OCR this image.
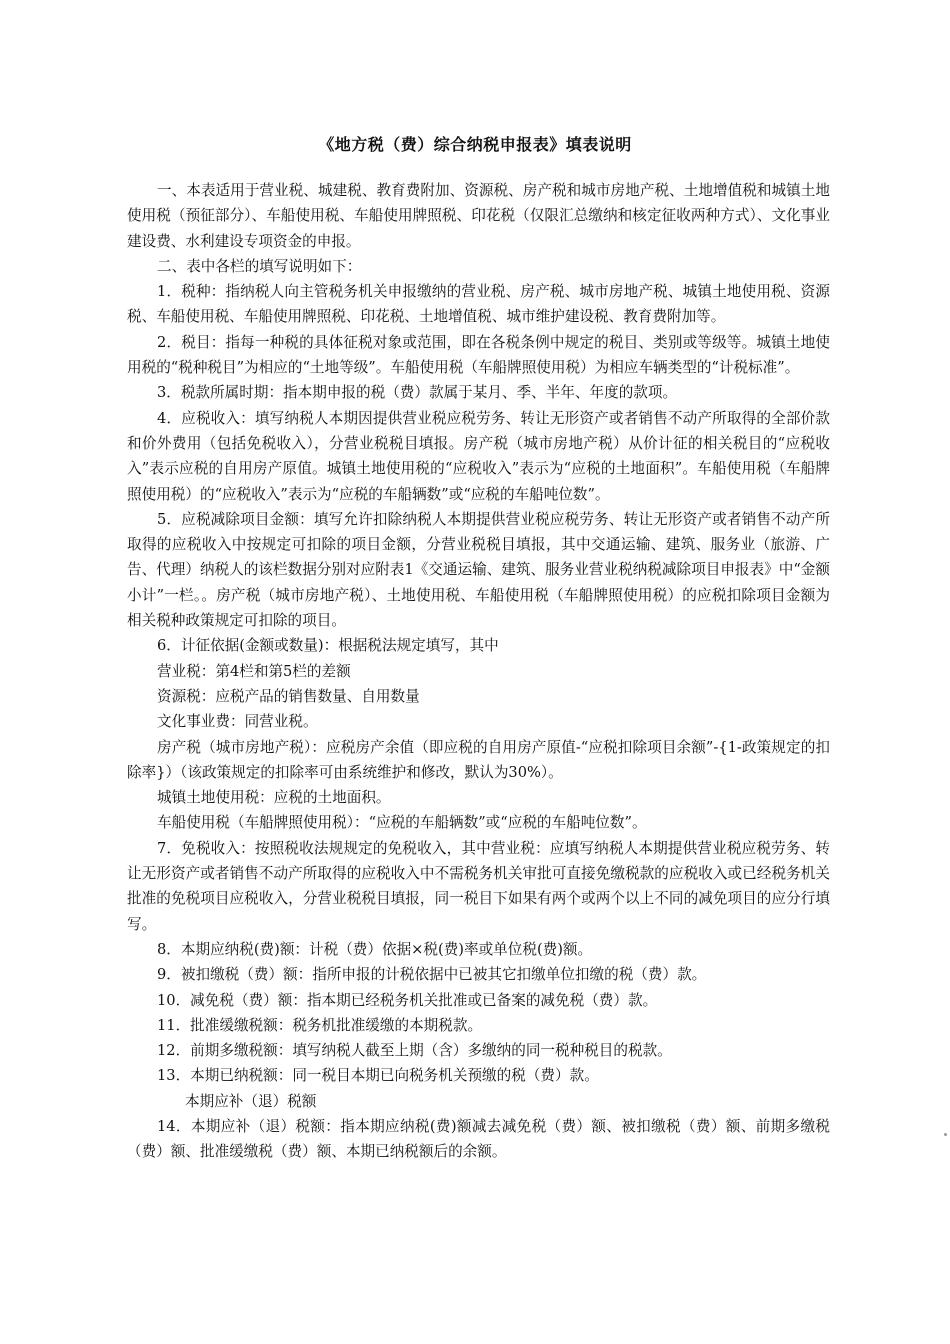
《地方税（费）综合纳税申报表》填表说明

一、本表适用于营业税、城建税、教育费附加、资源税、房产税和城市房地产税、土地增值税和城镇土地使用税（预征部分）、车船使用税、车船使用牌照税、印花税（仅限汇总缴纳和核定征收两种方式）、文化事业建设费、水利建设专项资金的申报。

二、表中各栏的填写说明如下：

1．税种：指纳税人向主管税务机关申报缴纳的营业税、房产税、城市房地产税、城镇土地使用税、资源税、车船使用税、车船使用牌照税、印花税、土地增值税、城市维护建设税、教育费附加等。

2．税目：指每一种税的具体征税对象或范围，即在各税条例中规定的税目、类别或等级等。城镇土地使用税的“税种税目”为相应的“土地等级”。车船使用税（车船牌照使用税）为相应车辆类型的“计税标准”。

3．税款所属时期：指本期申报的税（费）款属于某月、季、半年、年度的款项。

4．应税收入：填写纳税人本期因提供营业税应税劳务、转让无形资产或者销售不动产所取得的全部价款和价外费用（包括免税收入），分营业税税目填报。房产税（城市房地产税）从价计征的相关税目的“应税收入”表示应税的自用房产原值。城镇土地使用税的“应税收入”表示为“应税的土地面积”。车船使用税（车船牌照使用税）的“应税收入”表示为“应税的车船辆数”或“应税的车船吨位数”。

5．应税减除项目金额：填写允许扣除纳税人本期提供营业税应税劳务、转让无形资产或者销售不动产所取得的应税收入中按规定可扣除的项目金额，分营业税税目填报，其中交通运输、建筑、服务业（旅游、广告、代理）纳税人的该栏数据分别对应附表1《交通运输、建筑、服务业营业税纳税减除项目申报表》中“金额小计”一栏。。房产税（城市房地产税）、土地使用税、车船使用税（车船牌照使用税）的应税扣除项目金额为相关税种政策规定可扣除的项目。

6．计征依据(金额或数量)：根据税法规定填写，其中

营业税：第4栏和第5栏的差额

资源税：应税产品的销售数量、自用数量

文化事业费：同营业税。

房产税（城市房地产税）：应税房产余值（即应税的自用房产原值-“应税扣除项目余额”-{1-政策规定的扣除率}）（该政策规定的扣除率可由系统维护和修改，默认为30%）。

城镇土地使用税：应税的土地面积。

车船使用税（车船牌照使用税）：“应税的车船辆数”或“应税的车船吨位数”。

7．免税收入：按照税收法规规定的免税收入，其中营业税：应填写纳税人本期提供营业税应税劳务、转让无形资产或者销售不动产所取得的应税收入中不需税务机关审批可直接免缴税款的应税收入或已经税务机关批准的免税项目应税收入，分营业税税目填报，同一税目下如果有两个或两个以上不同的减免项目的应分行填写。

8．本期应纳税(费)额：计税（费）依据×税(费)率或单位税(费)额。

9．被扣缴税（费）额：指所申报的计税依据中已被其它扣缴单位扣缴的税（费）款。

10．减免税（费）额：指本期已经税务机关批准或已备案的减免税（费）款。

11．批准缓缴税额：税务机批准缓缴的本期税款。

12．前期多缴税额：填写纳税人截至上期（含）多缴纳的同一税种税目的税款。

13．本期已纳税额：同一税目本期已向税务机关预缴的税（费）款。

本期应补（退）税额

14．本期应补（退）税额：指本期应纳税(费)额减去减免税（费）额、被扣缴税（费）额、前期多缴税（费）额、批准缓缴税（费）额、本期已纳税额后的余额。
